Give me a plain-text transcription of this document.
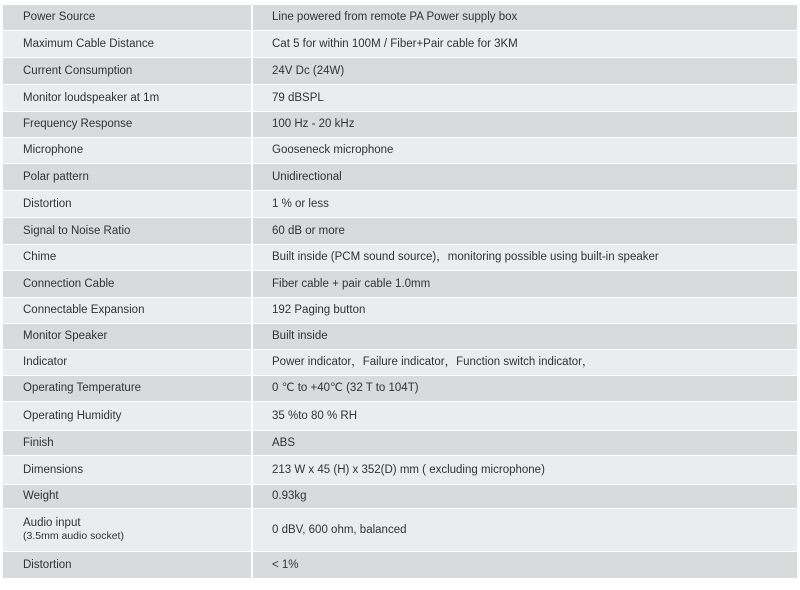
Power Source	Line powered from remote PA Power supply box
Maximum Cable Distance	Cat 5 for within 100M / Fiber+Pair cable for 3KM
Current Consumption	24V Dc (24W)
Monitor loudspeaker at 1m	79 dBSPL
Frequency Response	100 Hz - 20 kHz
Microphone	Gooseneck microphone
Polar pattern	Unidirectional
Distortion	1 % or less
Signal to Noise Ratio	60 dB or more
Chime	Built inside (PCM sound source)，monitoring possible using built-in speaker
Connection Cable	Fiber cable + pair cable 1.0mm
Connectable Expansion	192 Paging button
Monitor Speaker	Built inside
Indicator	Power indicator，Failure indicator，Function switch indicator，
Operating Temperature	0 ℃ to +40℃ (32 T to 104T)
Operating Humidity	35 %to 80 % RH
Finish	ABS
Dimensions	213 W x 45 (H) x 352(D) mm ( excluding microphone)
Weight	0.93kg
Audio input
(3.5mm audio socket)	0 dBV, 600 ohm, balanced
Distortion	< 1%
